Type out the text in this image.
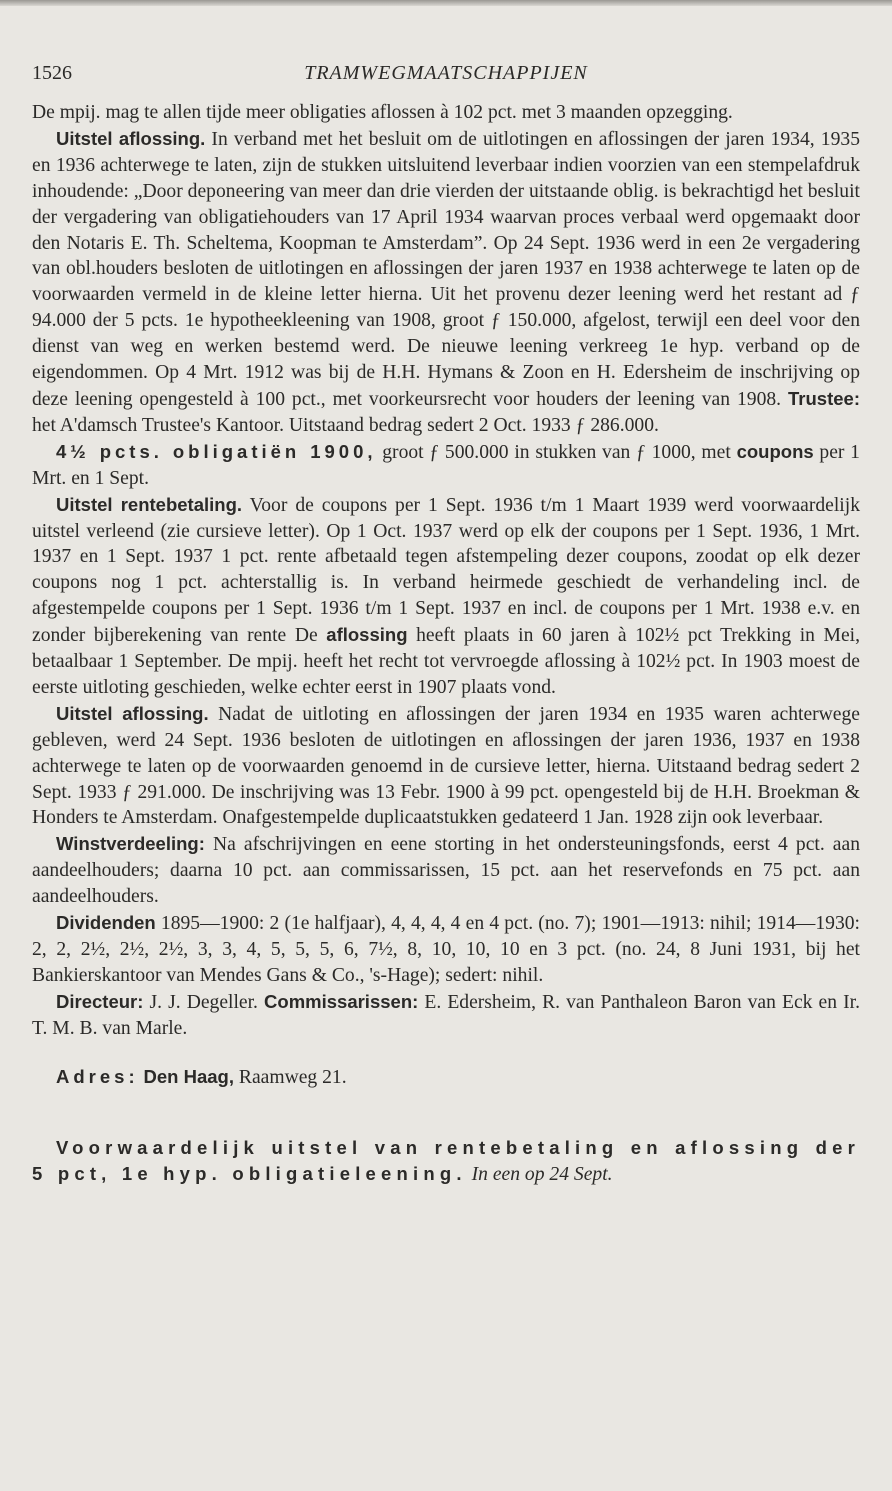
1526	TRAMWEGMAATSCHAPPIJEN

De mpij. mag te allen tijde meer obligaties aflossen à 102 pct. met 3 maanden opzegging.

Uitstel aflossing. In verband met het besluit om de uitlotingen en aflossingen der jaren 1934, 1935 en 1936 achterwege te laten, zijn de stukken uitsluitend leverbaar indien voorzien van een stempelafdruk inhoudende: „Door deponeering van meer dan drie vierden der uitstaande oblig. is bekrachtigd het besluit der vergadering van obligatiehouders van 17 April 1934 waarvan proces verbaal werd opgemaakt door den Notaris E. Th. Scheltema, Koopman te Amsterdam”. Op 24 Sept. 1936 werd in een 2e vergadering van obl.houders besloten de uitlotingen en aflossingen der jaren 1937 en 1938 achterwege te laten op de voorwaarden vermeld in de kleine letter hierna. Uit het provenu dezer leening werd het restant ad ƒ 94.000 der 5 pcts. 1e hypotheekleening van 1908, groot ƒ 150.000, afgelost, terwijl een deel voor den dienst van weg en werken bestemd werd. De nieuwe leening verkreeg 1e hyp. verband op de eigendommen. Op 4 Mrt. 1912 was bij de H.H. Hymans & Zoon en H. Edersheim de inschrijving op deze leening opengesteld à 100 pct., met voorkeursrecht voor houders der leening van 1908. Trustee: het A'damsch Trustee's Kantoor. Uitstaand bedrag sedert 2 Oct. 1933 ƒ 286.000.

4½ pcts. obligatiën 1900, groot ƒ 500.000 in stukken van ƒ 1000, met coupons per 1 Mrt. en 1 Sept.

Uitstel rentebetaling. Voor de coupons per 1 Sept. 1936 t/m 1 Maart 1939 werd voorwaardelijk uitstel verleend (zie cursieve letter). Op 1 Oct. 1937 werd op elk der coupons per 1 Sept. 1936, 1 Mrt. 1937 en 1 Sept. 1937 1 pct. rente afbetaald tegen afstempeling dezer coupons, zoodat op elk dezer coupons nog 1 pct. achterstallig is. In verband heirmede geschiedt de verhandeling incl. de afgestempelde coupons per 1 Sept. 1936 t/m 1 Sept. 1937 en incl. de coupons per 1 Mrt. 1938 e.v. en zonder bijberekening van rente De aflossing heeft plaats in 60 jaren à 102½ pct Trekking in Mei, betaalbaar 1 September. De mpij. heeft het recht tot vervroegde aflossing à 102½ pct. In 1903 moest de eerste uitloting geschieden, welke echter eerst in 1907 plaats vond.

Uitstel aflossing. Nadat de uitloting en aflossingen der jaren 1934 en 1935 waren achterwege gebleven, werd 24 Sept. 1936 besloten de uitlotingen en aflossingen der jaren 1936, 1937 en 1938 achterwege te laten op de voorwaarden genoemd in de cursieve letter, hierna. Uitstaand bedrag sedert 2 Sept. 1933 ƒ 291.000. De inschrijving was 13 Febr. 1900 à 99 pct. opengesteld bij de H.H. Broekman & Honders te Amsterdam. Onafgestempelde duplicaatstukken gedateerd 1 Jan. 1928 zijn ook leverbaar.

Winstverdeeling: Na afschrijvingen en eene storting in het ondersteuningsfonds, eerst 4 pct. aan aandeelhouders; daarna 10 pct. aan commissarissen, 15 pct. aan het reservefonds en 75 pct. aan aandeelhouders.

Dividenden 1895—1900: 2 (1e halfjaar), 4, 4, 4, 4 en 4 pct. (no. 7); 1901—1913: nihil; 1914—1930: 2, 2, 2½, 2½, 2½, 3, 3, 4, 5, 5, 5, 6, 7½, 8, 10, 10, 10 en 3 pct. (no. 24, 8 Juni 1931, bij het Bankierskantoor van Mendes Gans & Co., 's-Hage); sedert: nihil.

Directeur: J. J. Degeller. Commissarissen: E. Edersheim, R. van Panthaleon Baron van Eck en Ir. T. M. B. van Marle.

Adres: Den Haag, Raamweg 21.

Voorwaardelijk uitstel van rentebetaling en aflossing der 5 pct, 1e hyp. obligatieleening. In een op 24 Sept.
